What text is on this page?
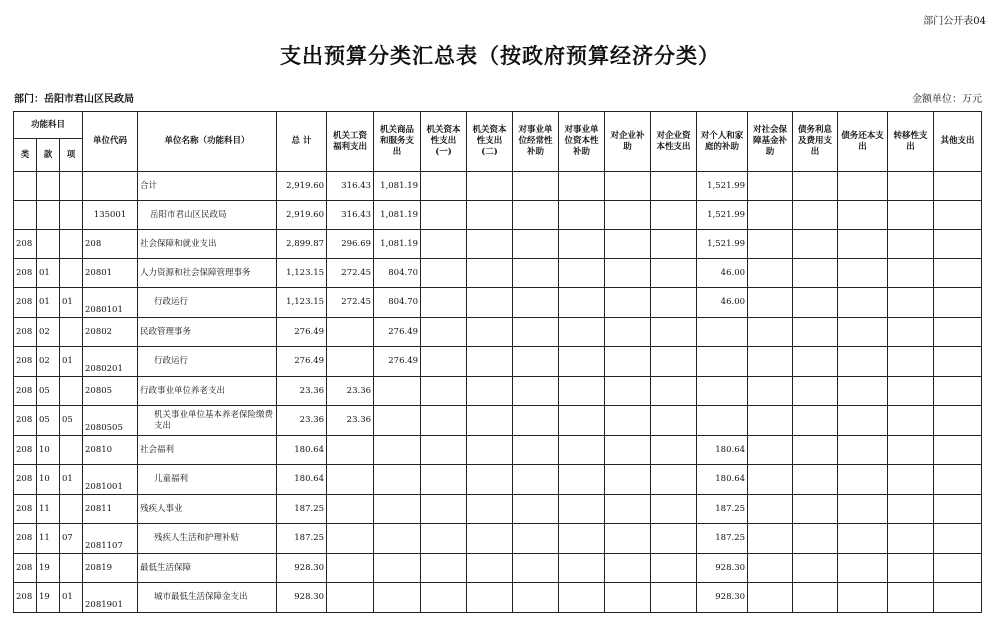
部门公开表04
支出预算分类汇总表（按政府预算经济分类）
部门：岳阳市君山区民政局	金额单位：万元
功能科目			单位代码	单位名称（功能科目）	总 计	机关工资福利支出	机关商品和服务支出	机关资本性支出(一)	机关资本性支出(二)	对事业单位经常性补助	对事业单位资本性补助	对企业补助	对企业资本性支出	对个人和家庭的补助	对社会保障基金补助	债务利息及费用支出	债务还本支出	转移性支出	其他支出
类	款	项																	
				合计	2,919.60	316.43	1,081.19							1,521.99					
			135001	岳阳市君山区民政局	2,919.60	316.43	1,081.19							1,521.99					
208			208	社会保障和就业支出	2,899.87	296.69	1,081.19							1,521.99					
208	01		20801	人力资源和社会保障管理事务	1,123.15	272.45	804.70							46.00					
208	01	01	2080101	行政运行	1,123.15	272.45	804.70							46.00					
208	02		20802	民政管理事务	276.49		276.49												
208	02	01	2080201	行政运行	276.49		276.49												
208	05		20805	行政事业单位养老支出	23.36	23.36													
208	05	05	2080505	机关事业单位基本养老保险缴费支出	23.36	23.36													
208	10		20810	社会福利	180.64									180.64					
208	10	01	2081001	儿童福利	180.64									180.64					
208	11		20811	残疾人事业	187.25									187.25					
208	11	07	2081107	残疾人生活和护理补贴	187.25									187.25					
208	19		20819	最低生活保障	928.30									928.30					
208	19	01	2081901	城市最低生活保障金支出	928.30									928.30					
